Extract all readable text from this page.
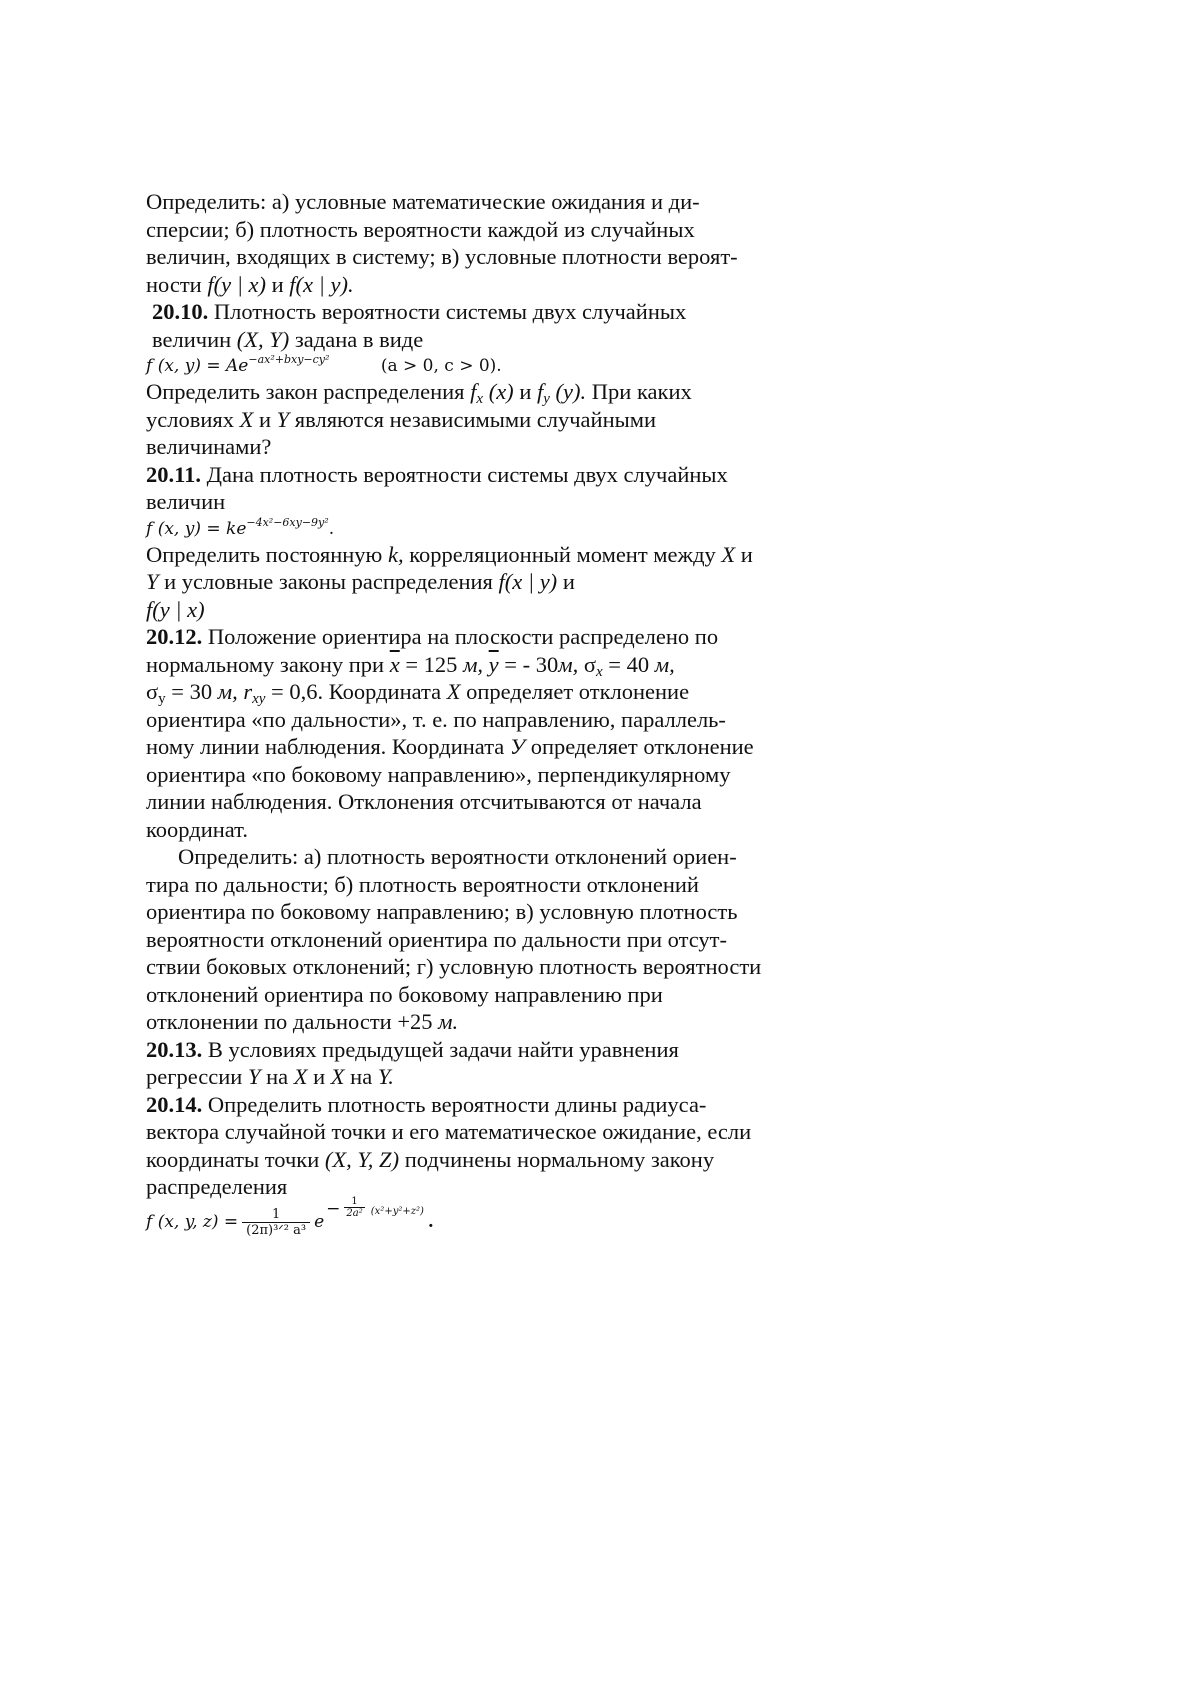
Определить: а) условные математические ожидания и ди-
сперсии; б) плотность вероятности каждой из случайных
величин, входящих в систему; в) условные плотности вероят-
ности f(y | x) и f(x | y).

20.10. Плотность вероятности системы двух случайных
величин (X, Y) задана в виде

f (x, $y) = Ae^{-ax^2+bxy-cy^2}$	(a > 0, c > 0).

Определить закон распределения $f_x$ (x) и $f_y$ (y). При каких
условиях X и Y являются независимыми случайными
величинами?

20.11. Дана плотность вероятности системы двух случайных
величин

f (x, $y) = ke^{-4x^2-6xy-9y^2}$.

Определить постоянную k, корреляционный момент между X и
Y и условные законы распределения f(x | y) и
f(y | x)

20.12. Положение ориентира на плоскости распределено по
нормальному закону при $\overline{x} = 125$ м, $\overline{y}$ = - 30м, $\sigma_x = 40$ м,
$\sigma_y = 30$ м, $r_{xy} = 0,6$. Координата X определяет отклонение
ориентира «по дальности», т. е. по направлению, параллель-
ному линии наблюдения. Координата У определяет отклонение
ориентира «по боковому направлению», перпендикулярному
линии наблюдения. Отклонения отсчитываются от начала
координат.

Определить: а) плотность вероятности отклонений ориен-
тира по дальности; б) плотность вероятности отклонений
ориентира по боковому направлению; в) условную плотность
вероятности отклонений ориентира по дальности при отсут-
ствии боковых отклонений; г) условную плотность вероятности
отклонений ориентира по боковому направлению при
отклонении по дальности +25 м.

20.13. В условиях предыдущей задачи найти уравнения
регрессии Y на X и X на Y.

20.14. Определить плотность вероятности длины радиуса-
вектора случайной точки и его математическое ожидание, если
координаты точки (X, Y, Z) подчинены нормальному закону
распределения

f (x, y, $z) = \frac{1}{\text{(2π)³ᐟ² a³}}$ e
− $\frac{1}{\text{2a²}} (x^2+y^2+z^2)$
.
